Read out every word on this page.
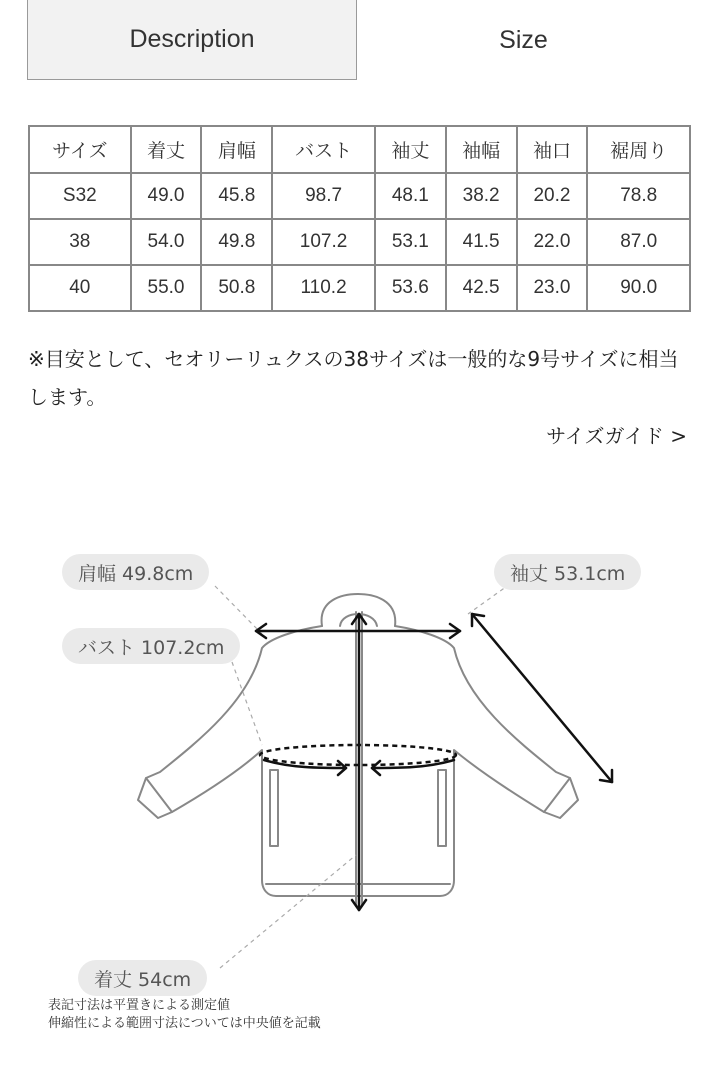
Description	Size
サイズ	着丈	肩幅	バスト	袖丈	袖幅	袖口	裾周り
S32	49.0	45.8	98.7	48.1	38.2	20.2	78.8
38	54.0	49.8	107.2	53.1	41.5	22.0	87.0
40	55.0	50.8	110.2	53.6	42.5	23.0	90.0
※目安として、セオリーリュクスの38サイズは一般的な9号サイズに相当します。
サイズガイド >
肩幅 49.8cm	袖丈 53.1cm
バスト 107.2cm
着丈 54cm
表記寸法は平置きによる測定値
伸縮性による範囲寸法については中央値を記載
